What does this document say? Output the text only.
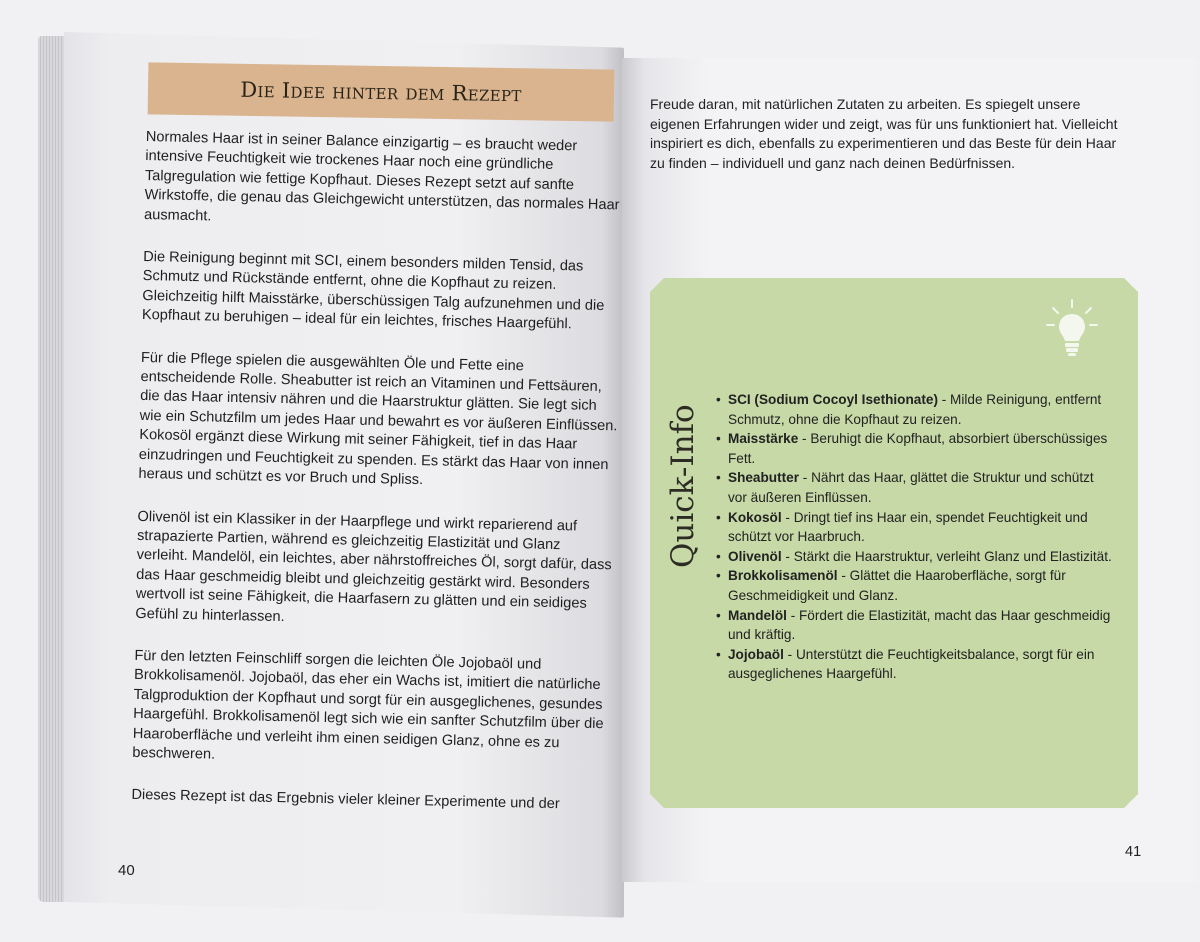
Die Idee hinter dem Rezept

Normales Haar ist in seiner Balance einzigartig – es braucht weder intensive Feuchtigkeit wie trockenes Haar noch eine gründliche Talgregulation wie fettige Kopfhaut. Dieses Rezept setzt auf sanfte Wirkstoffe, die genau das Gleichgewicht unterstützen, das normales Haar ausmacht.

Die Reinigung beginnt mit SCI, einem besonders milden Tensid, das Schmutz und Rückstände entfernt, ohne die Kopfhaut zu reizen. Gleichzeitig hilft Maisstärke, überschüssigen Talg aufzunehmen und die Kopfhaut zu beruhigen – ideal für ein leichtes, frisches Haargefühl.

Für die Pflege spielen die ausgewählten Öle und Fette eine entscheidende Rolle. Sheabutter ist reich an Vitaminen und Fettsäuren, die das Haar intensiv nähren und die Haarstruktur glätten. Sie legt sich wie ein Schutzfilm um jedes Haar und bewahrt es vor äußeren Einflüssen. Kokosöl ergänzt diese Wirkung mit seiner Fähigkeit, tief in das Haar einzudringen und Feuchtigkeit zu spenden. Es stärkt das Haar von innen heraus und schützt es vor Bruch und Spliss.

Olivenöl ist ein Klassiker in der Haarpflege und wirkt reparierend auf strapazierte Partien, während es gleichzeitig Elastizität und Glanz verleiht. Mandelöl, ein leichtes, aber nährstoffreiches Öl, sorgt dafür, dass das Haar geschmeidig bleibt und gleichzeitig gestärkt wird. Besonders wertvoll ist seine Fähigkeit, die Haarfasern zu glätten und ein seidiges Gefühl zu hinterlassen.

Für den letzten Feinschliff sorgen die leichten Öle Jojobaöl und Brokkolisamenöl. Jojobaöl, das eher ein Wachs ist, imitiert die natürliche Talgproduktion der Kopfhaut und sorgt für ein ausgeglichenes, gesundes Haargefühl. Brokkolisamenöl legt sich wie ein sanfter Schutzfilm über die Haaroberfläche und verleiht ihm einen seidigen Glanz, ohne es zu beschweren.

Dieses Rezept ist das Ergebnis vieler kleiner Experimente und der

40

Freude daran, mit natürlichen Zutaten zu arbeiten. Es spiegelt unsere eigenen Erfahrungen wider und zeigt, was für uns funktioniert hat. Vielleicht inspiriert es dich, ebenfalls zu experimentieren und das Beste für dein Haar zu finden – individuell und ganz nach deinen Bedürfnissen.

Quick-Info
• SCI (Sodium Cocoyl Isethionate) - Milde Reinigung, entfernt Schmutz, ohne die Kopfhaut zu reizen.
• Maisstärke - Beruhigt die Kopfhaut, absorbiert überschüssiges Fett.
• Sheabutter - Nährt das Haar, glättet die Struktur und schützt vor äußeren Einflüssen.
• Kokosöl - Dringt tief ins Haar ein, spendet Feuchtigkeit und schützt vor Haarbruch.
• Olivenöl - Stärkt die Haarstruktur, verleiht Glanz und Elastizität.
• Brokkolisamenöl - Glättet die Haaroberfläche, sorgt für Geschmeidigkeit und Glanz.
• Mandelöl - Fördert die Elastizität, macht das Haar geschmeidig und kräftig.
• Jojobaöl - Unterstützt die Feuchtigkeitsbalance, sorgt für ein ausgeglichenes Haargefühl.
41
